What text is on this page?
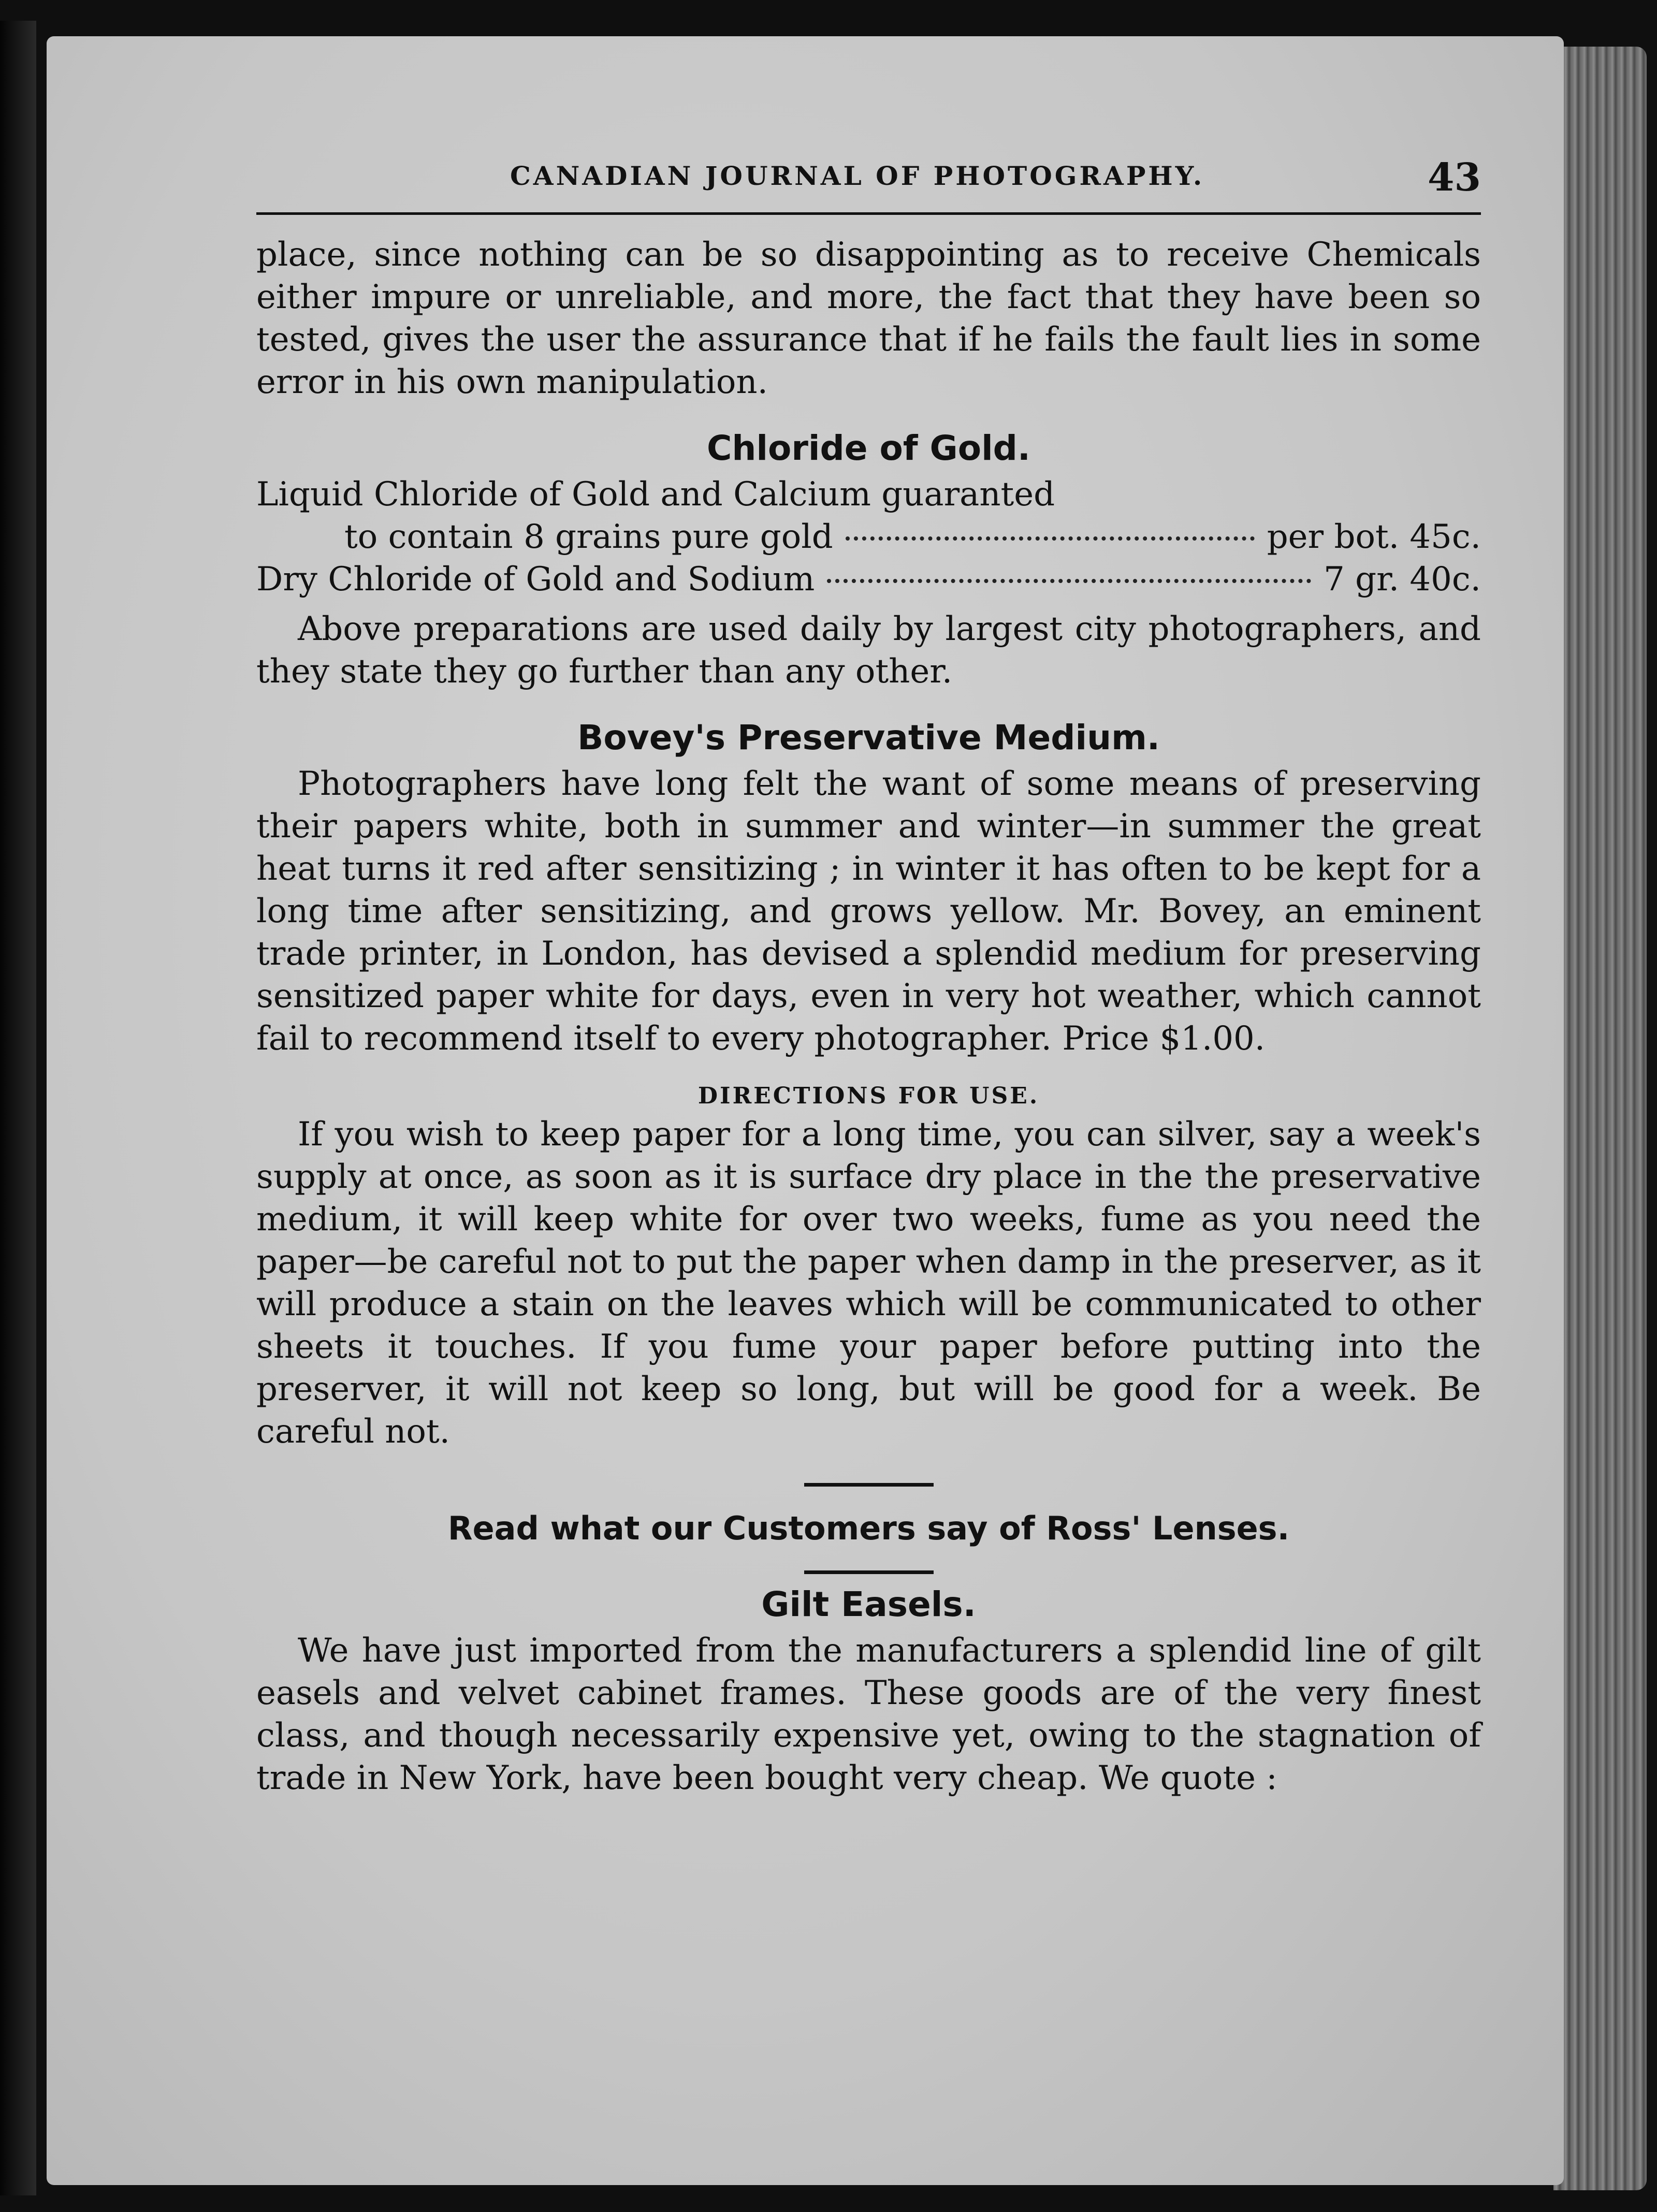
CANADIAN JOURNAL OF PHOTOGRAPHY.	43

place, since nothing can be so disappointing as to receive Chemicals either impure or unreliable, and more, the fact that they have been so tested, gives the user the assurance that if he fails the fault lies in some error in his own manipulation.

Chloride of Gold.
Liquid Chloride of Gold and Calcium guaranted
to contain 8 grains pure gold	per bot. 45c.
Dry Chloride of Gold and Sodium	7 gr. 40c.

Above preparations are used daily by largest city photographers, and they state they go further than any other.

Bovey's Preservative Medium.

Photographers have long felt the want of some means of preserving their papers white, both in summer and winter—in summer the great heat turns it red after sensitizing ; in winter it has often to be kept for a long time after sensitizing, and grows yellow. Mr. Bovey, an eminent trade printer, in London, has devised a splendid medium for preserving sensitized paper white for days, even in very hot weather, which cannot fail to recommend itself to every photographer. Price $1.00.

DIRECTIONS FOR USE.

If you wish to keep paper for a long time, you can silver, say a week's supply at once, as soon as it is surface dry place in the the preservative medium, it will keep white for over two weeks, fume as you need the paper—be careful not to put the paper when damp in the preserver, as it will produce a stain on the leaves which will be communicated to other sheets it touches. If you fume your paper before putting into the preserver, it will not keep so long, but will be good for a week. Be careful not.

Read what our Customers say of Ross' Lenses.

Gilt Easels.

We have just imported from the manufacturers a splendid line of gilt easels and velvet cabinet frames. These goods are of the very finest class, and though necessarily expensive yet, owing to the stagnation of trade in New York, have been bought very cheap. We quote :
